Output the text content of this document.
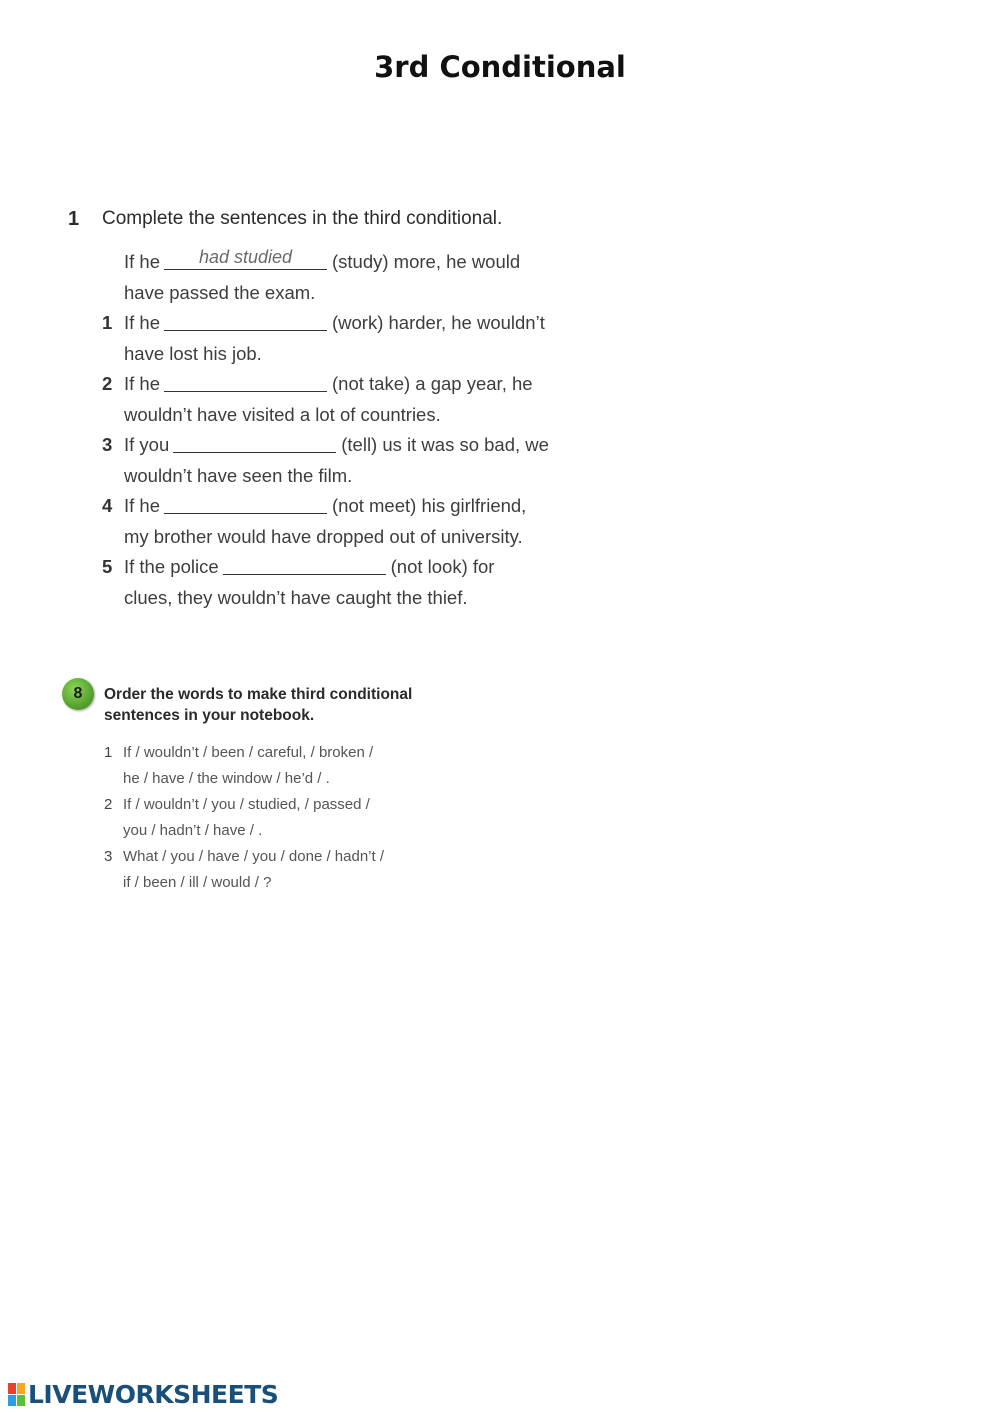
3rd Conditional
1	Complete the sentences in the third conditional.
If he	had studied	(study) more, he would
have passed the exam.
1 If he	(work) harder, he wouldn’t
have lost his job.
2 If he	(not take) a gap year, he
wouldn’t have visited a lot of countries.
3 If you	(tell) us it was so bad, we
wouldn’t have seen the film.
4 If he	(not meet) his girlfriend,
my brother would have dropped out of university.
5 If the police	(not look) for
clues, they wouldn’t have caught the thief.
8	Order the words to make third conditional
sentences in your notebook.
1 If / wouldn’t / been / careful, / broken /
he / have / the window / he’d / .
2 If / wouldn’t / you / studied, / passed /
you / hadn’t / have / .
3 What / you / have / you / done / hadn’t /
if / been / ill / would / ?
LIVEWORKSHEETS
